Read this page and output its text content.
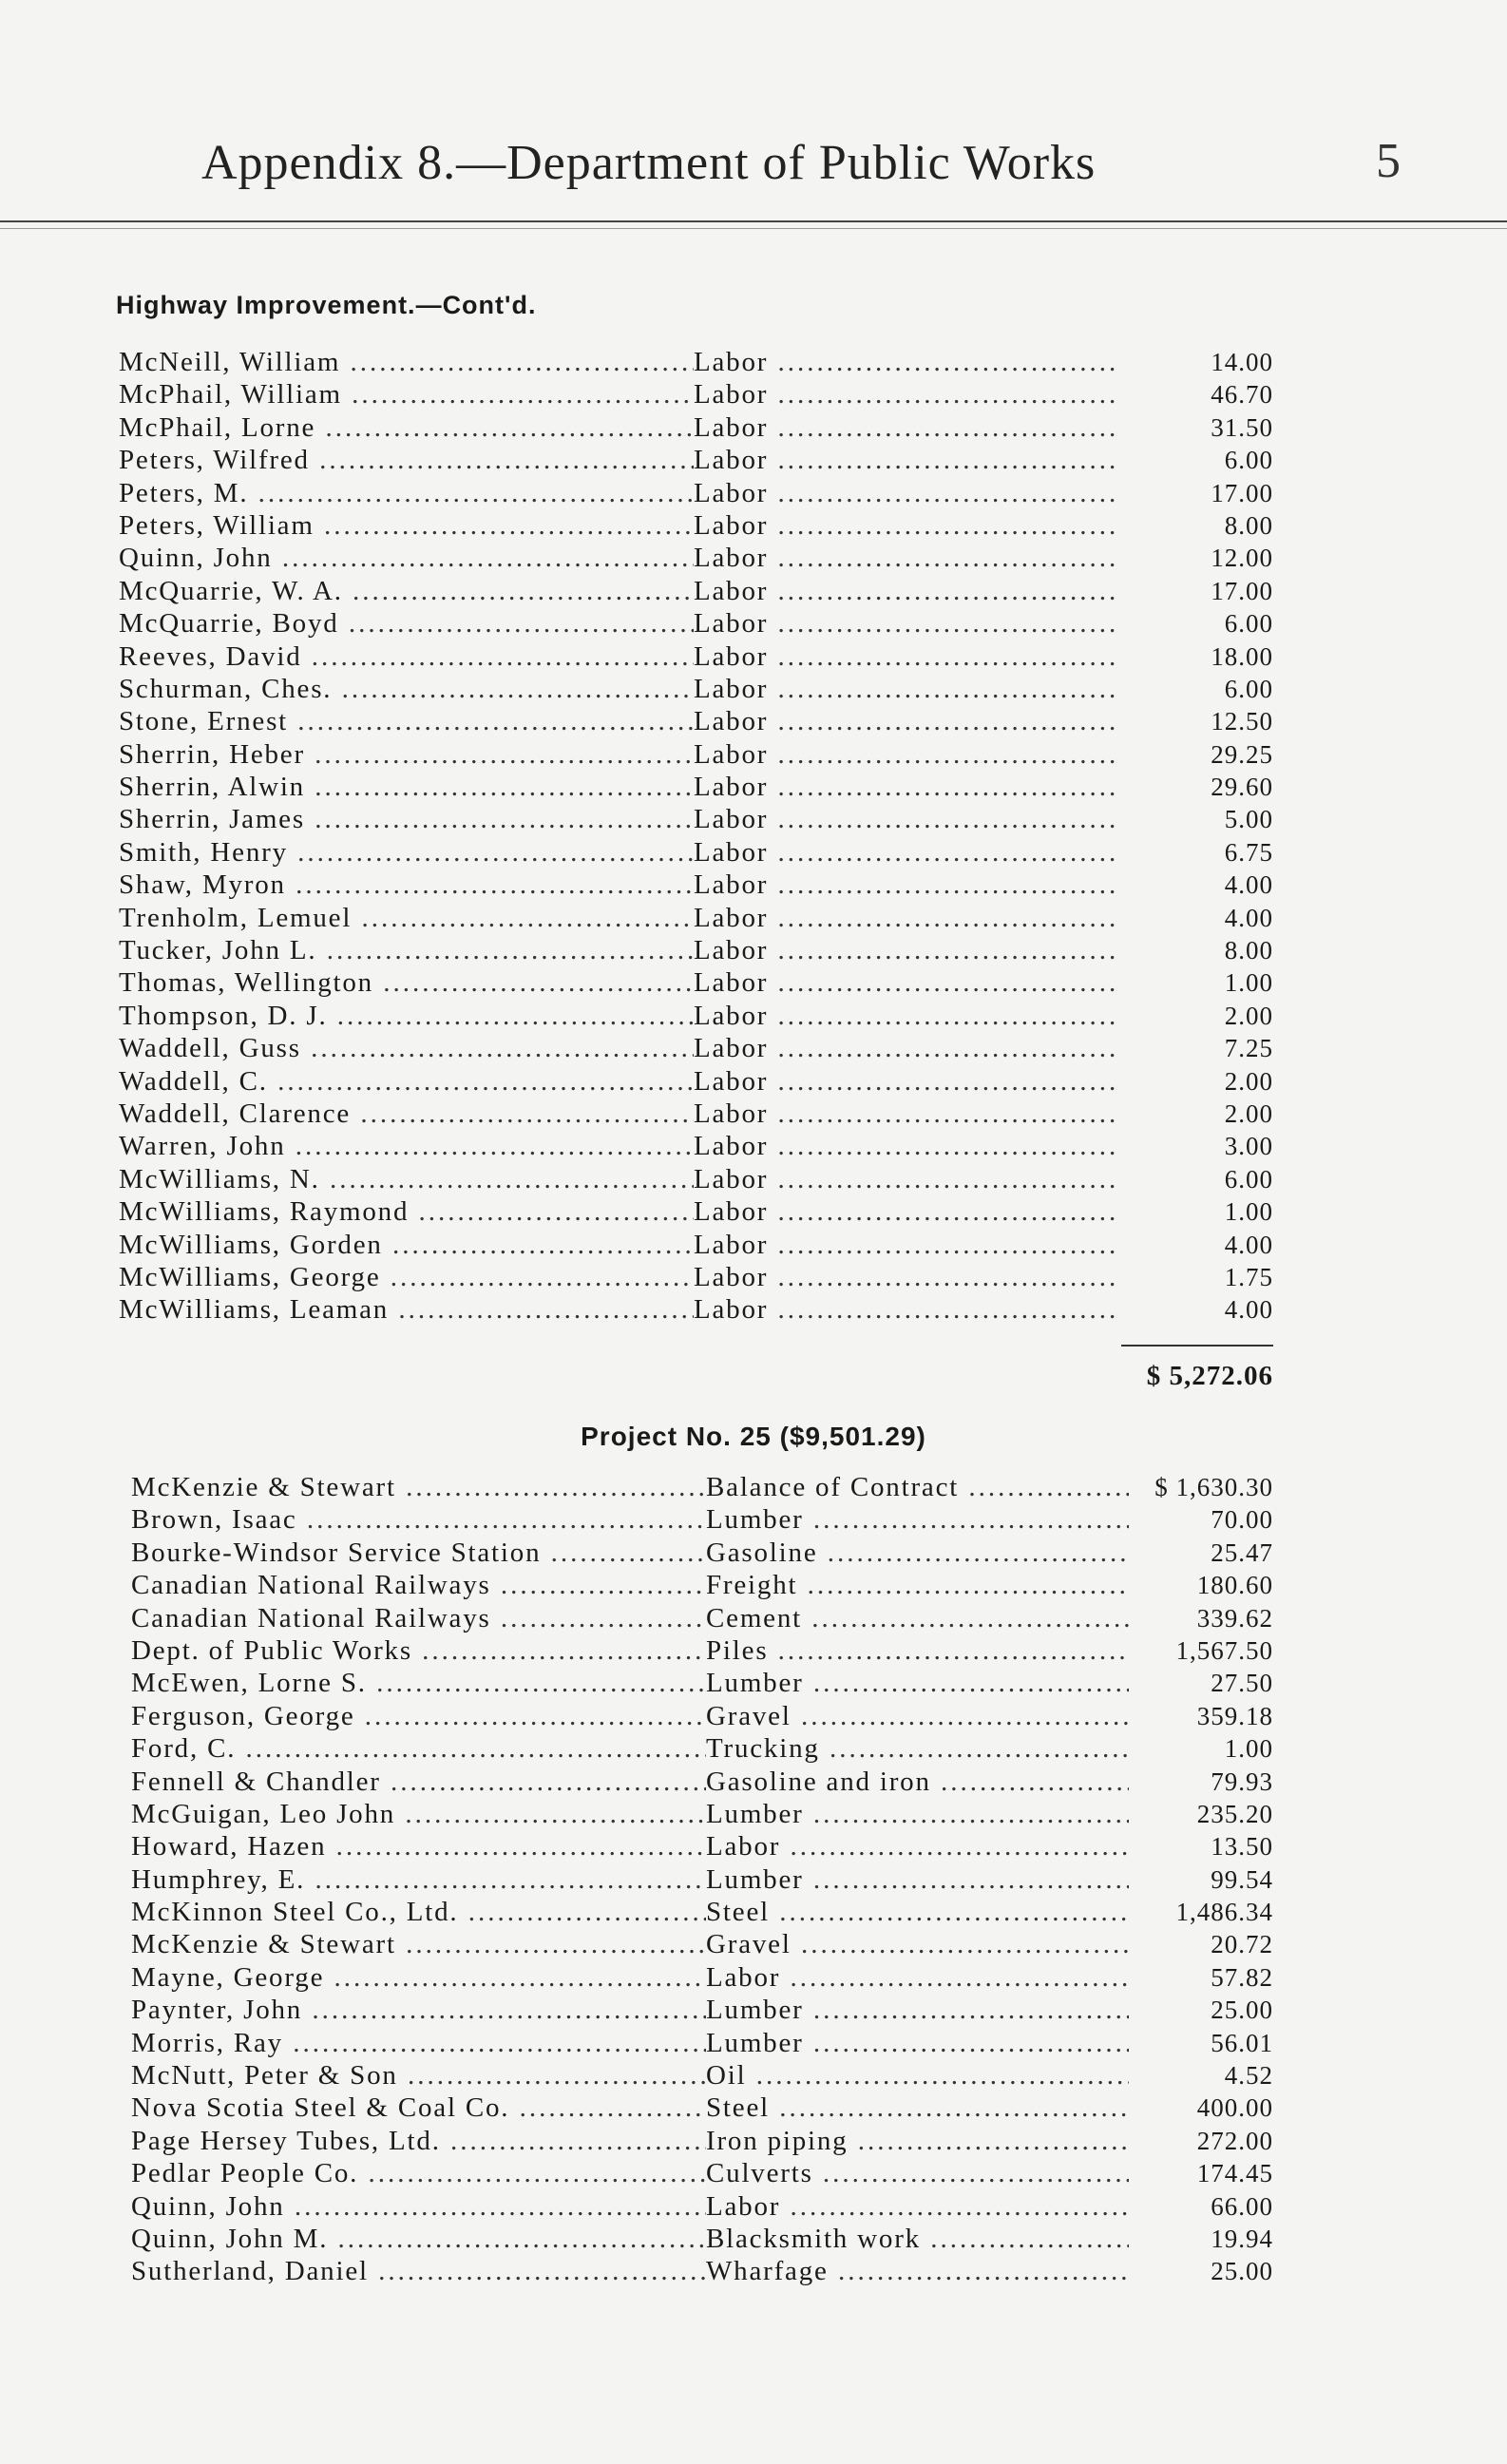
Appendix 8.—Department of Public Works	5
Highway Improvement.—Cont'd.
McNeill, William .....	Labor .....	14.00
McPhail, William .....	Labor .....	46.70
McPhail, Lorne .....	Labor .....	31.50
Peters, Wilfred .....	Labor .....	6.00
Peters, M. .....	Labor .....	17.00
Peters, William .....	Labor .....	8.00
Quinn, John .....	Labor .....	12.00
McQuarrie, W. A. .....	Labor .....	17.00
McQuarrie, Boyd .....	Labor .....	6.00
Reeves, David .....	Labor .....	18.00
Schurman, Ches. .....	Labor .....	6.00
Stone, Ernest .....	Labor .....	12.50
Sherrin, Heber .....	Labor .....	29.25
Sherrin, Alwin .....	Labor .....	29.60
Sherrin, James .....	Labor .....	5.00
Smith, Henry .....	Labor .....	6.75
Shaw, Myron .....	Labor .....	4.00
Trenholm, Lemuel .....	Labor .....	4.00
Tucker, John L. .....	Labor .....	8.00
Thomas, Wellington .....	Labor .....	1.00
Thompson, D. J. .....	Labor .....	2.00
Waddell, Guss .....	Labor .....	7.25
Waddell, C. .....	Labor .....	2.00
Waddell, Clarence .....	Labor .....	2.00
Warren, John .....	Labor .....	3.00
McWilliams, N. .....	Labor .....	6.00
McWilliams, Raymond .....	Labor .....	1.00
McWilliams, Gorden .....	Labor .....	4.00
McWilliams, George .....	Labor .....	1.75
McWilliams, Leaman .....	Labor .....	4.00
$ 5,272.06
Project No. 25 ($9,501.29)
McKenzie & Stewart .....	Balance of Contract .....	$ 1,630.30
Brown, Isaac .....	Lumber .....	70.00
Bourke-Windsor Service Station .....	Gasoline .....	25.47
Canadian National Railways .....	Freight .....	180.60
Canadian National Railways .....	Cement .....	339.62
Dept. of Public Works .....	Piles .....	1,567.50
McEwen, Lorne S. .....	Lumber .....	27.50
Ferguson, George .....	Gravel .....	359.18
Ford, C. .....	Trucking .....	1.00
Fennell & Chandler .....	Gasoline and iron .....	79.93
McGuigan, Leo John .....	Lumber .....	235.20
Howard, Hazen .....	Labor .....	13.50
Humphrey, E. .....	Lumber .....	99.54
McKinnon Steel Co., Ltd. .....	Steel .....	1,486.34
McKenzie & Stewart .....	Gravel .....	20.72
Mayne, George .....	Labor .....	57.82
Paynter, John .....	Lumber .....	25.00
Morris, Ray .....	Lumber .....	56.01
McNutt, Peter & Son .....	Oil .....	4.52
Nova Scotia Steel & Coal Co. .....	Steel .....	400.00
Page Hersey Tubes, Ltd. .....	Iron piping .....	272.00
Pedlar People Co. .....	Culverts .....	174.45
Quinn, John .....	Labor .....	66.00
Quinn, John M. .....	Blacksmith work .....	19.94
Sutherland, Daniel .....	Wharfage .....	25.00
